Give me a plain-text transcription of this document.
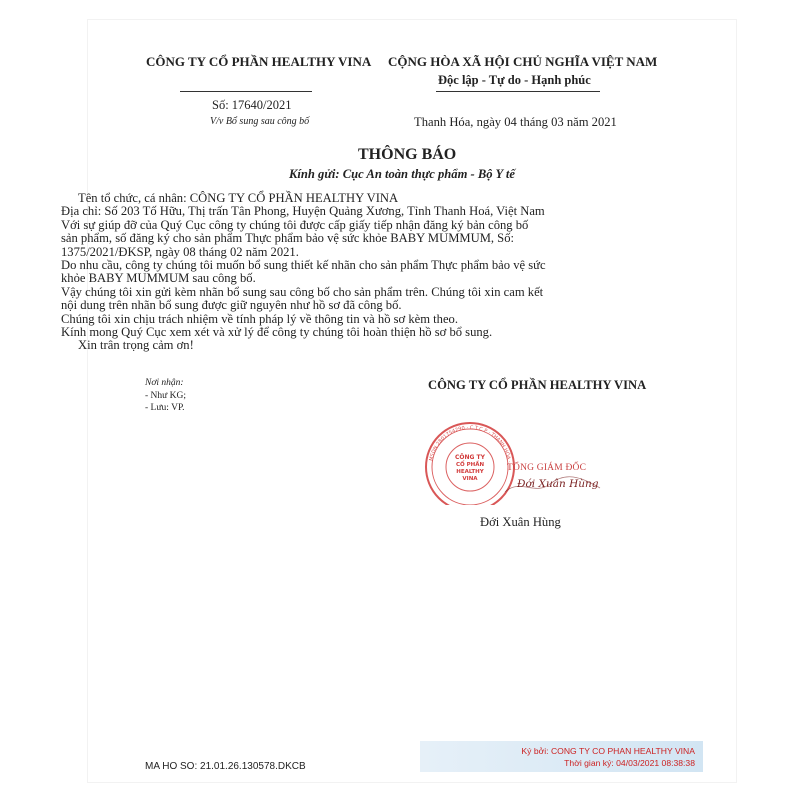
CÔNG TY CỔ PHẦN HEALTHY VINA
Số: 17640/2021
V/v Bổ sung sau công bố
CỘNG HÒA XÃ HỘI CHỦ NGHĨA VIỆT NAM
Độc lập - Tự do - Hạnh phúc
Thanh Hóa, ngày 04 tháng 03 năm 2021
THÔNG BÁO
Kính gửi: Cục An toàn thực phẩm - Bộ Y tế

Tên tổ chức, cá nhân: CÔNG TY CỔ PHẦN HEALTHY VINA

Địa chỉ: Số 203 Tố Hữu, Thị trấn Tân Phong, Huyện Quảng Xương, Tỉnh Thanh Hoá, Việt Nam

Với sự giúp đỡ của Quý Cục công ty chúng tôi được cấp giấy tiếp nhận đăng ký bản công bố sản phẩm, số đăng ký cho sản phẩm Thực phẩm bảo vệ sức khỏe BABY MUMMUM, Số: 1375/2021/ĐKSP, ngày 08 tháng 02 năm 2021.

Do nhu cầu, công ty chúng tôi muốn bổ sung thiết kế nhãn cho sản phẩm Thực phẩm bảo vệ sức khỏe BABY MUMMUM sau công bố.

Vậy chúng tôi xin gửi kèm nhãn bổ sung sau công bố cho sản phẩm trên. Chúng tôi xin cam kết nội dung trên nhãn bổ sung được giữ nguyên như hồ sơ đã công bố.

Chúng tôi xin chịu trách nhiệm về tính pháp lý về thông tin và hồ sơ kèm theo.

Kính mong Quý Cục xem xét và xử lý để công ty chúng tôi hoàn thiện hồ sơ bổ sung.

Xin trân trọng cảm ơn!

Nơi nhận:
- Như KG;
- Lưu: VP.
CÔNG TY CỔ PHẦN HEALTHY VINA
MSDN 2801754290 · C.T.C.P · THANH HÓA ·
CÔNG TY
CỔ PHẦN
HEALTHY
VINA
TỔNG GIÁM ĐỐC
Đới Xuân Hùng
Đới Xuân Hùng
MA HO SO: 21.01.26.130578.DKCB
Ký bởi: CONG TY CO PHAN HEALTHY VINA
Thời gian ký: 04/03/2021 08:38:38
